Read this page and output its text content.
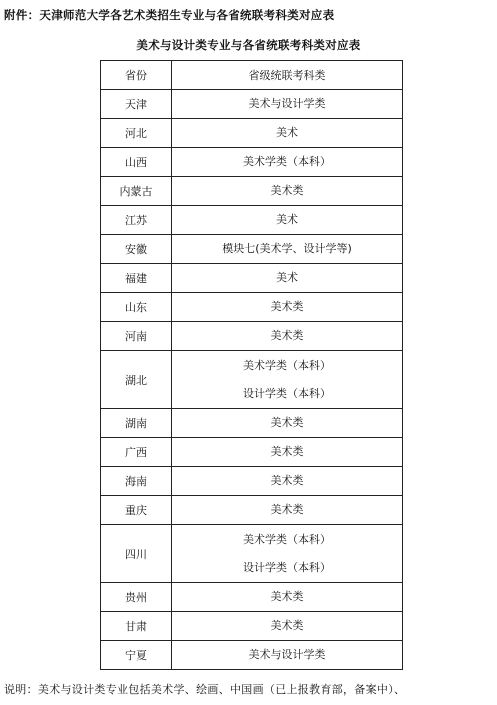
附件：天津师范大学各艺术类招生专业与各省统联考科类对应表
美术与设计类专业与各省统联考科类对应表
省份	省级统联考科类
天津	美术与设计学类

河北	美术

山西	美术学类（本科）

内蒙古	美术类

江苏	美术

安徽	模块七(美术学、设计学等)

福建	美术

山东	美术类

河南	美术类

湖北	美术学类（本科）
设计学类（本科）

湖南	美术类

广西	美术类

海南	美术类

重庆	美术类

四川	美术学类（本科）
设计学类（本科）

贵州	美术类

甘肃	美术类

宁夏	美术与设计学类
说明：美术与设计类专业包括美术学、绘画、中国画（已上报教育部，备案中）、
